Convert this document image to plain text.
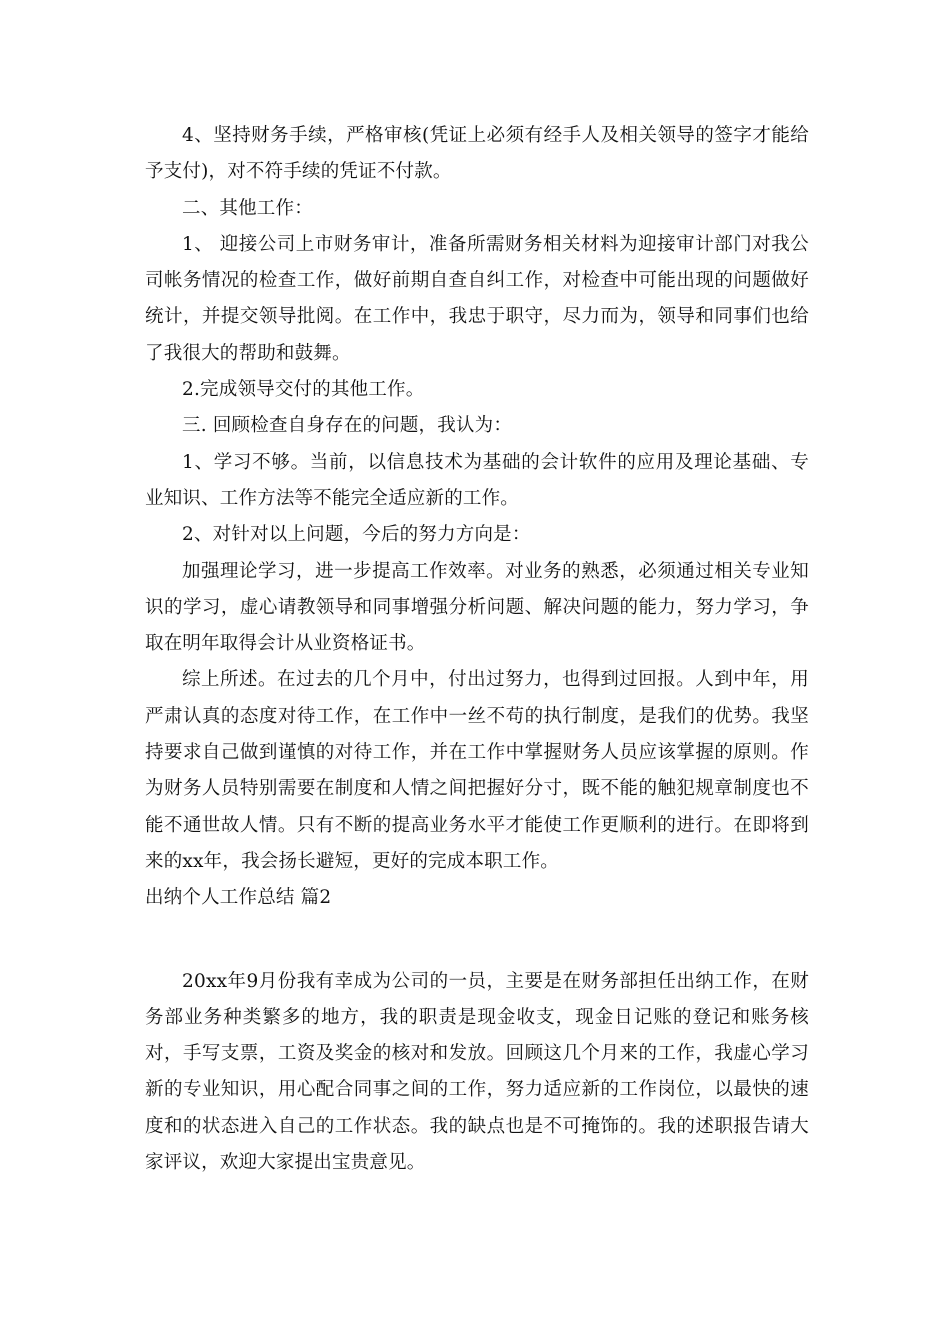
4、坚持财务手续，严格审核(凭证上必须有经手人及相关领导的签字才能给予支付)，对不符手续的凭证不付款。

二、其他工作：

1、 迎接公司上市财务审计，准备所需财务相关材料为迎接审计部门对我公司帐务情况的检查工作，做好前期自查自纠工作，对检查中可能出现的问题做好统计，并提交领导批阅。在工作中，我忠于职守，尽力而为，领导和同事们也给了我很大的帮助和鼓舞。

2.完成领导交付的其他工作。

三. 回顾检查自身存在的问题，我认为：

1、学习不够。当前，以信息技术为基础的会计软件的应用及理论基础、专业知识、工作方法等不能完全适应新的工作。

2、对针对以上问题，今后的努力方向是：

加强理论学习，进一步提高工作效率。对业务的熟悉，必须通过相关专业知识的学习，虚心请教领导和同事增强分析问题、解决问题的能力，努力学习，争取在明年取得会计从业资格证书。

综上所述。在过去的几个月中，付出过努力，也得到过回报。人到中年，用严肃认真的态度对待工作，在工作中一丝不苟的执行制度，是我们的优势。我坚持要求自己做到谨慎的对待工作，并在工作中掌握财务人员应该掌握的原则。作为财务人员特别需要在制度和人情之间把握好分寸，既不能的触犯规章制度也不能不通世故人情。只有不断的提高业务水平才能使工作更顺利的进行。在即将到来的xx年，我会扬长避短，更好的完成本职工作。

出纳个人工作总结 篇2

20xx年9月份我有幸成为公司的一员，主要是在财务部担任出纳工作，在财务部业务种类繁多的地方，我的职责是现金收支，现金日记账的登记和账务核对，手写支票，工资及奖金的核对和发放。回顾这几个月来的工作，我虚心学习新的专业知识，用心配合同事之间的工作，努力适应新的工作岗位，以最快的速度和的状态进入自己的工作状态。我的缺点也是不可掩饰的。我的述职报告请大家评议，欢迎大家提出宝贵意见。
